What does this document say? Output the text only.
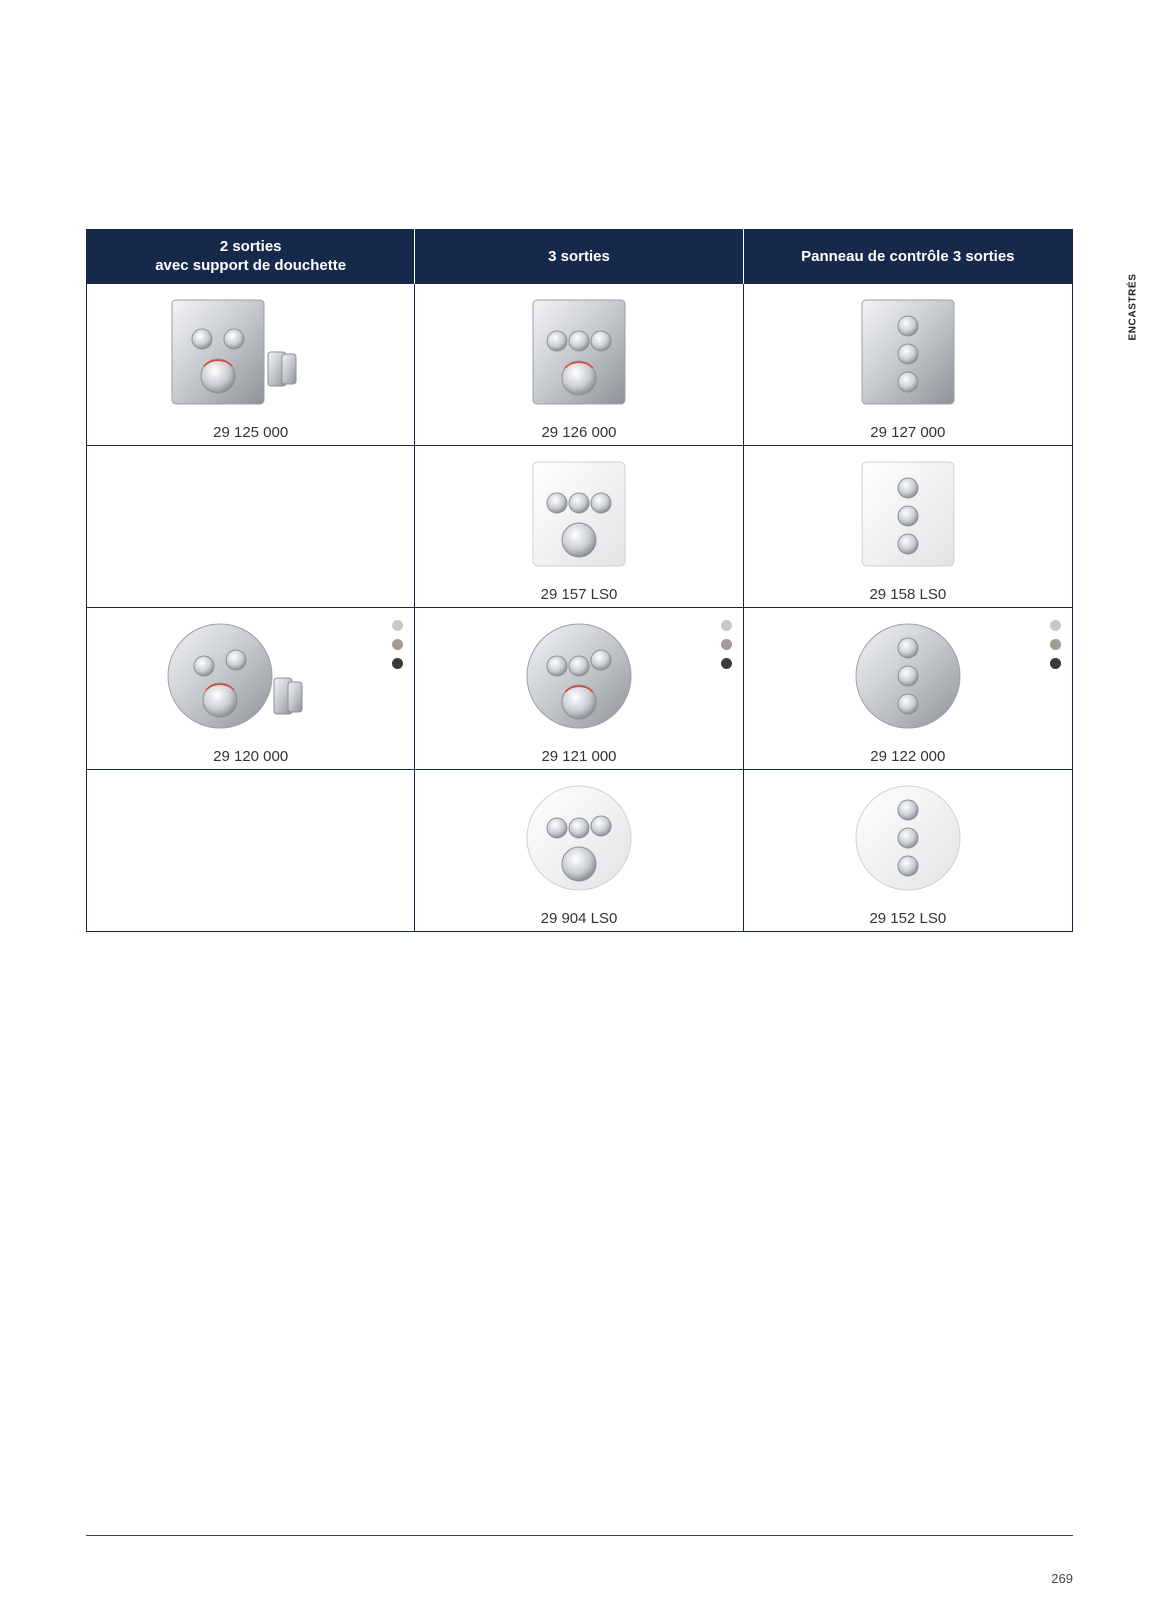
ENCASTRÉS
2 sorties
avec support de douchette	3 sorties	Panneau de contrôle 3 sorties

29 125 000	29 126 000	29 127 000

	29 157 LS0	29 158 LS0

29 120 000	29 121 000	29 122 000

	29 904 LS0	29 152 LS0
269
